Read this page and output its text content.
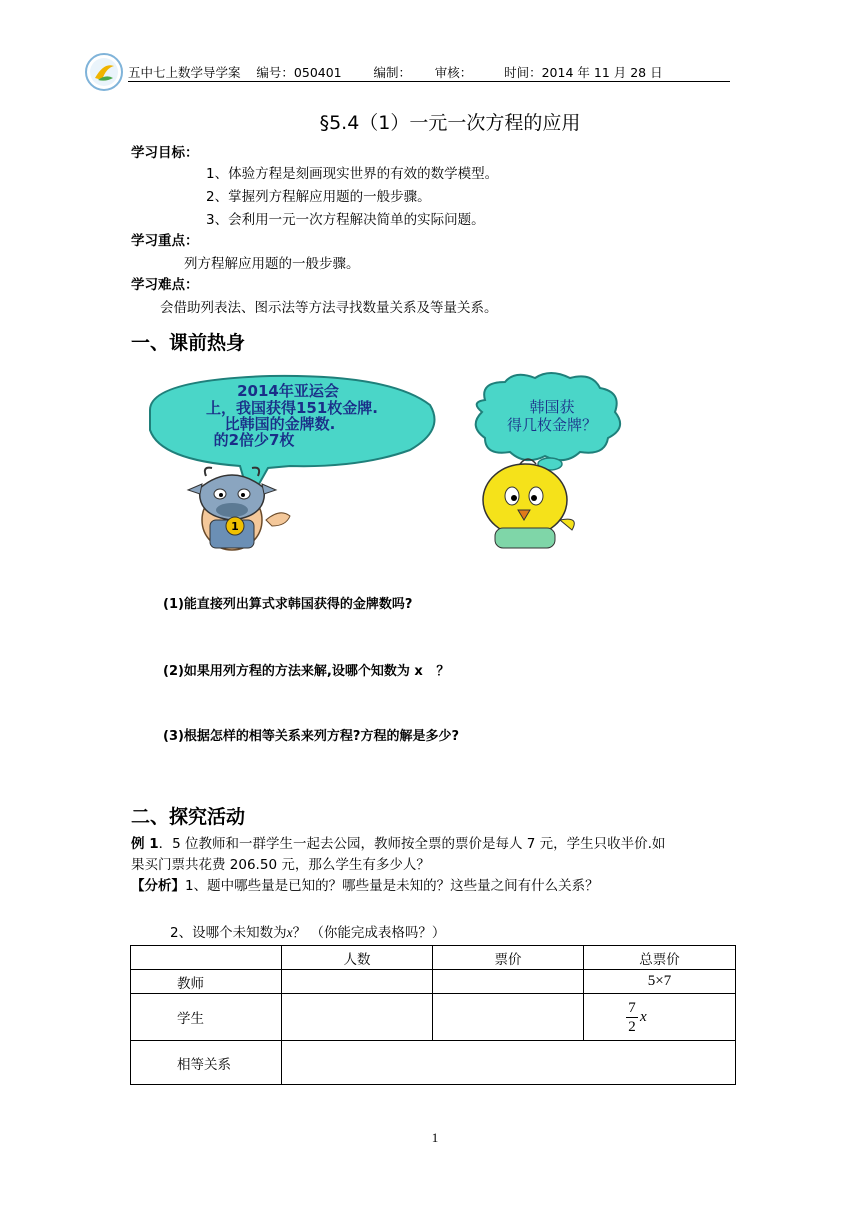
五中七上数学导学案 编号：050401	编制： 审核：	时间：2014 年 11 月 28 日
§5.4（1）一元一次方程的应用
学习目标：
1、体验方程是刻画现实世界的有效的数学模型。
2、掌握列方程解应用题的一般步骤。
3、会利用一元一次方程解决简单的实际问题。
学习重点：
列方程解应用题的一般步骤。
学习难点：
会借助列表法、图示法等方法寻找数量关系及等量关系。
一、课前热身
2014年亚运会
上，我国获得151枚金牌.
比韩国的金牌数.
的2倍少7枚
韩国获
得几枚金牌？
1
(1)能直接列出算式求韩国获得的金牌数吗?
(2)如果用列方程的方法来解,设哪个知数为 x   ？
(3)根据怎样的相等关系来列方程?方程的解是多少?
二、探究活动
例 1．5 位教师和一群学生一起去公园，教师按全票的票价是每人 7 元，学生只收半价.如
果买门票共花费 206.50 元，那么学生有多少人？
【分析】1、题中哪些量是已知的？哪些量是未知的？这些量之间有什么关系？
2、设哪个未知数为x？ （你能完成表格吗？）
	人数	票价	总票价
教师			5×7
学生			$\frac{7}{2}$ x
相等关系			
1
